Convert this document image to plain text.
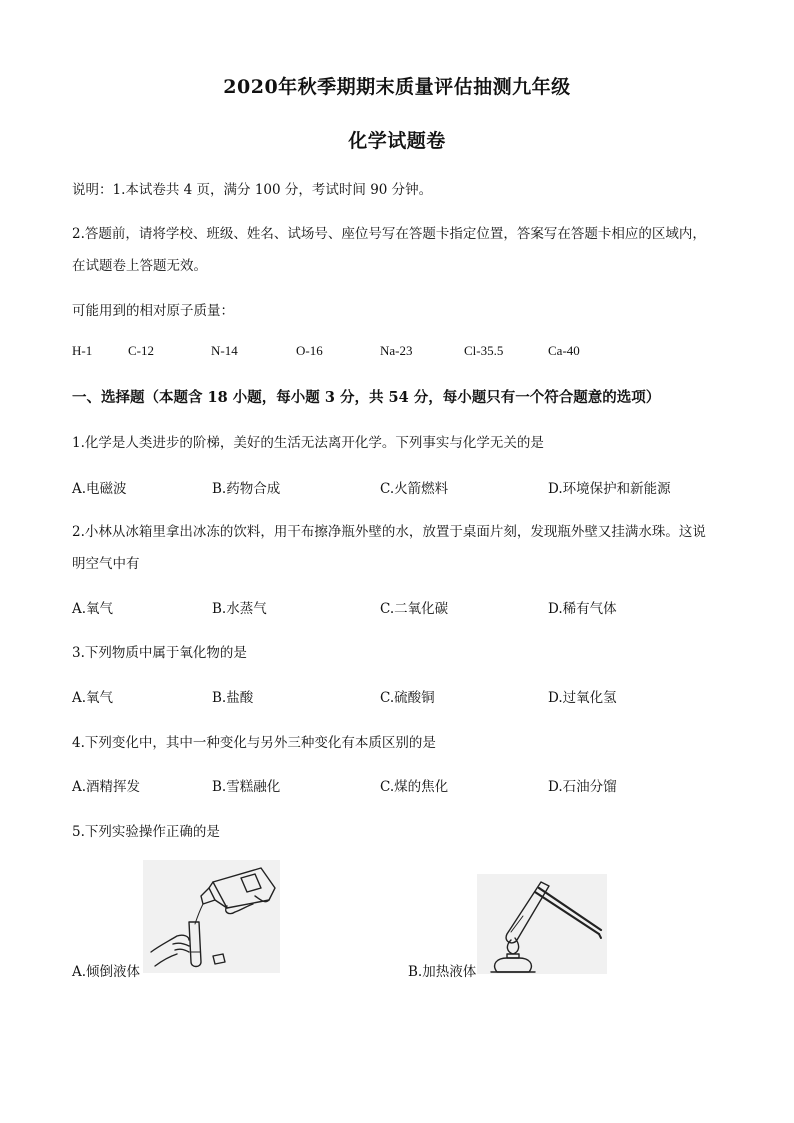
2020年秋季期期末质量评估抽测九年级
化学试题卷
说明：1.本试卷共 4 页，满分 100 分，考试时间 90 分钟。
2.答题前，请将学校、班级、姓名、试场号、座位号写在答题卡指定位置，答案写在答题卡相应的区域内，
在试题卷上答题无效。
可能用到的相对原子质量：
H-1	C-12	N-14	O-16	Na-23	Cl-35.5	Ca-40
一、选择题（本题含 18 小题，每小题 3 分，共 54 分，每小题只有一个符合题意的选项）
1.化学是人类进步的阶梯，美好的生活无法离开化学。下列事实与化学无关的是
A.电磁波	B.药物合成	C.火箭燃料	D.环境保护和新能源
2.小林从冰箱里拿出冰冻的饮料，用干布擦净瓶外壁的水，放置于桌面片刻，发现瓶外壁又挂满水珠。这说
明空气中有
A.氧气	B.水蒸气	C.二氧化碳	D.稀有气体
3.下列物质中属于氧化物的是
A.氧气	B.盐酸	C.硫酸铜	D.过氧化氢
4.下列变化中，其中一种变化与另外三种变化有本质区别的是
A.酒精挥发	B.雪糕融化	C.煤的焦化	D.石油分馏
5.下列实验操作正确的是
A.倾倒液体	B.加热液体
